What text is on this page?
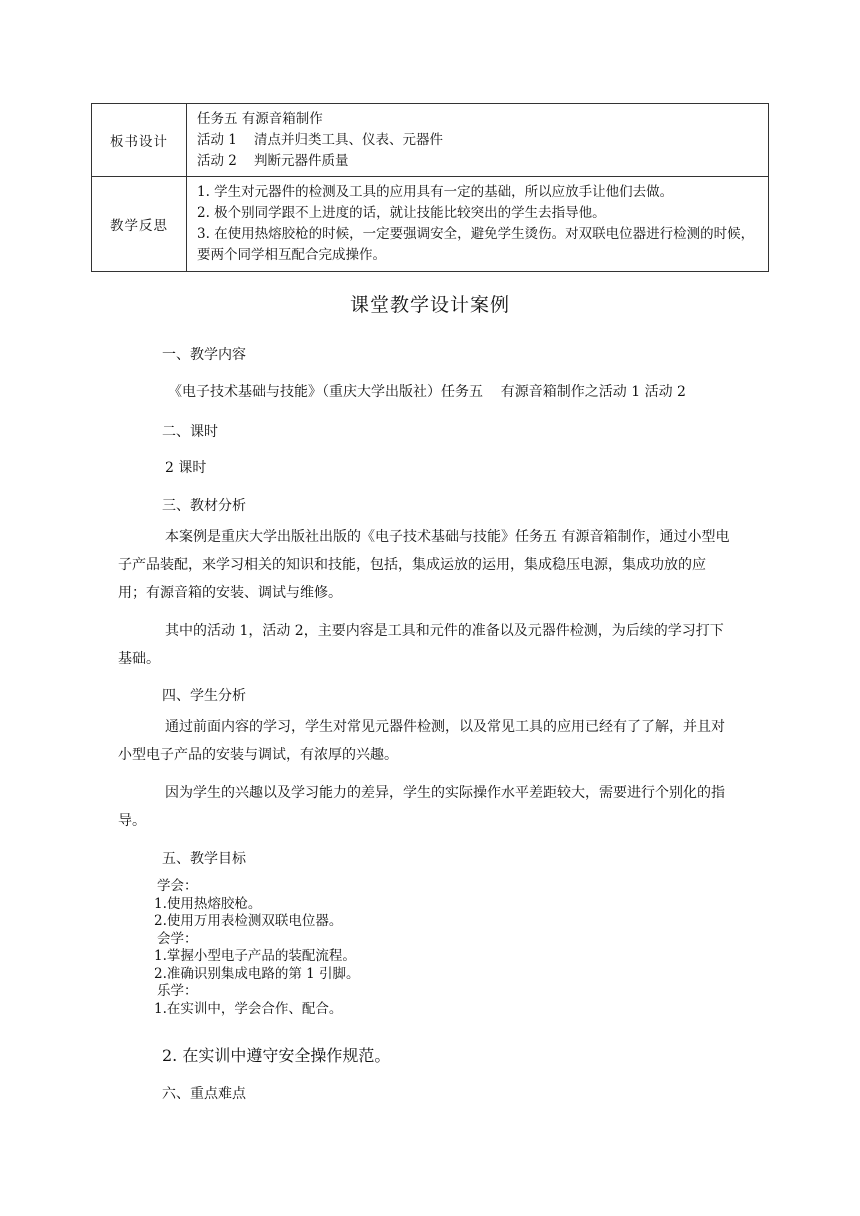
板书设计	任务五 有源音箱制作
活动 1    清点并归类工具、仪表、元器件
活动 2    判断元器件质量

教学反思	1. 学生对元器件的检测及工具的应用具有一定的基础，所以应放手让他们去做。
2. 极个别同学跟不上进度的话，就让技能比较突出的学生去指导他。
3. 在使用热熔胶枪的时候，一定要强调安全，避免学生烫伤。对双联电位器进行检测的时候，要两个同学相互配合完成操作。
课堂教学设计案例
一、教学内容
《电子技术基础与技能》（重庆大学出版社）任务五    有源音箱制作之活动 1 活动 2
二、课时
2 课时
三、教材分析
本案例是重庆大学出版社出版的《电子技术基础与技能》任务五 有源音箱制作，通过小型电子产品装配，来学习相关的知识和技能，包括，集成运放的运用，集成稳压电源，集成功放的应用；有源音箱的安装、调试与维修。
其中的活动 1，活动 2，主要内容是工具和元件的准备以及元器件检测，为后续的学习打下基础。
四、学生分析
通过前面内容的学习，学生对常见元器件检测，以及常见工具的应用已经有了了解，并且对小型电子产品的安装与调试，有浓厚的兴趣。
因为学生的兴趣以及学习能力的差异，学生的实际操作水平差距较大，需要进行个别化的指导。
五、教学目标
学会：
1.使用热熔胶枪。
2.使用万用表检测双联电位器。
会学：
1.掌握小型电子产品的装配流程。
2.准确识别集成电路的第 1 引脚。
乐学：
1.在实训中，学会合作、配合。
2. 在实训中遵守安全操作规范。
六、重点难点
